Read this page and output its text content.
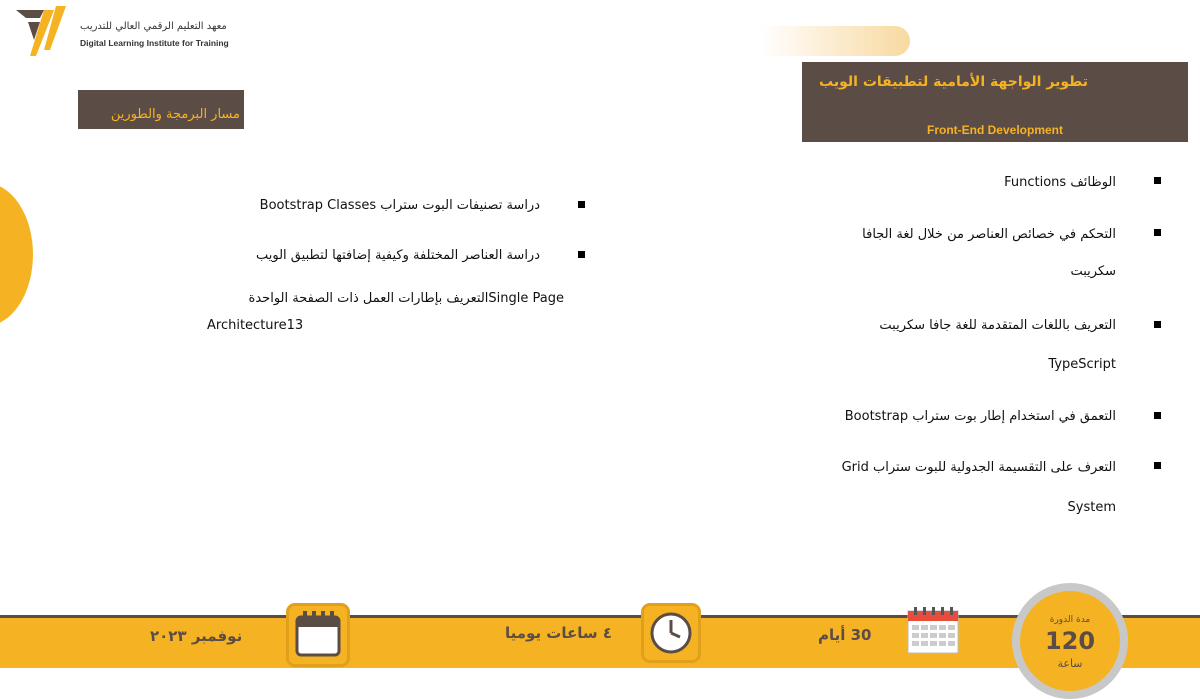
معهد التعليم الرقمي العالي للتدريب
Digital Learning Institute for Training
تطوير الواجهة الأمامية لتطبيقات الويب
Front-End Development
مسار البرمجة والطورين
الوظائف Functions
التحكم في خصائص العناصر من خلال لغة الجافا
سكريبت
التعريف باللغات المتقدمة للغة جافا سكريبت
TypeScript
التعمق في استخدام إطار بوت ستراب Bootstrap
التعرف على التقسيمة الجدولية للبوت ستراب Grid
System
دراسة تصنيفات البوت ستراب Bootstrap Classes
دراسة العناصر المختلفة وكيفية إضافتها لتطبيق الويب
Single Pageالتعريف بإطارات العمل ذات الصفحة الواحدة
Architecture13
نوفمبر ٢٠٢٣	٤ ساعات يوميا	30 أيام
مدة الدورة
120
ساعة
